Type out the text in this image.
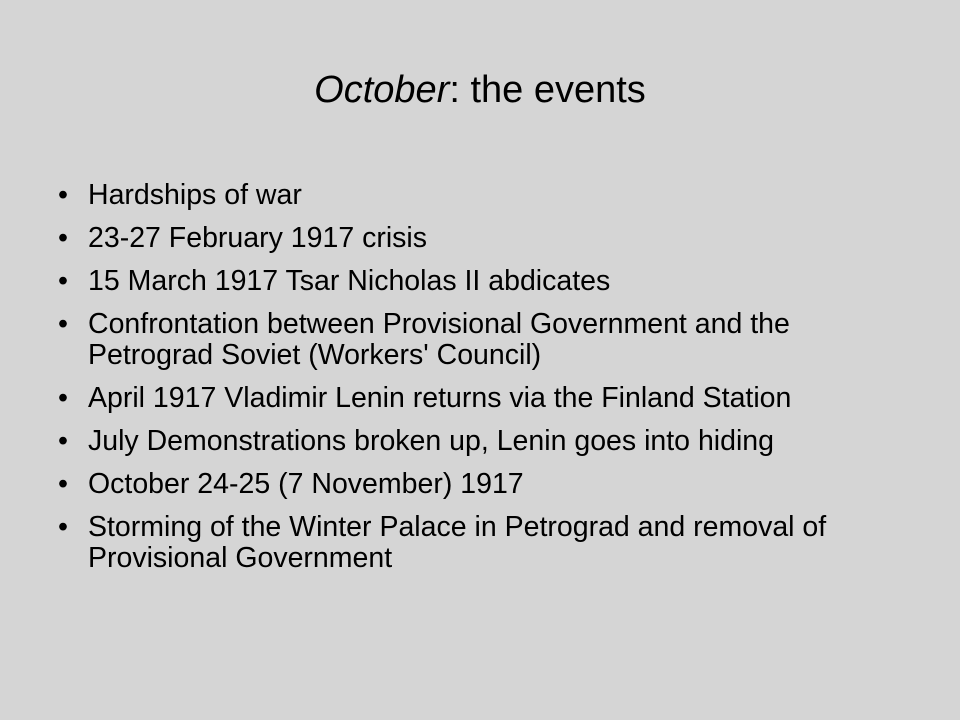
October: the events
• Hardships of war
• 23-27 February 1917 crisis
• 15 March 1917 Tsar Nicholas II abdicates
• Confrontation between Provisional Government and the Petrograd Soviet (Workers' Council)
• April 1917 Vladimir Lenin returns via the Finland Station
• July Demonstrations broken up, Lenin goes into hiding
• October 24-25 (7 November) 1917
• Storming of the Winter Palace in Petrograd and removal of Provisional Government
